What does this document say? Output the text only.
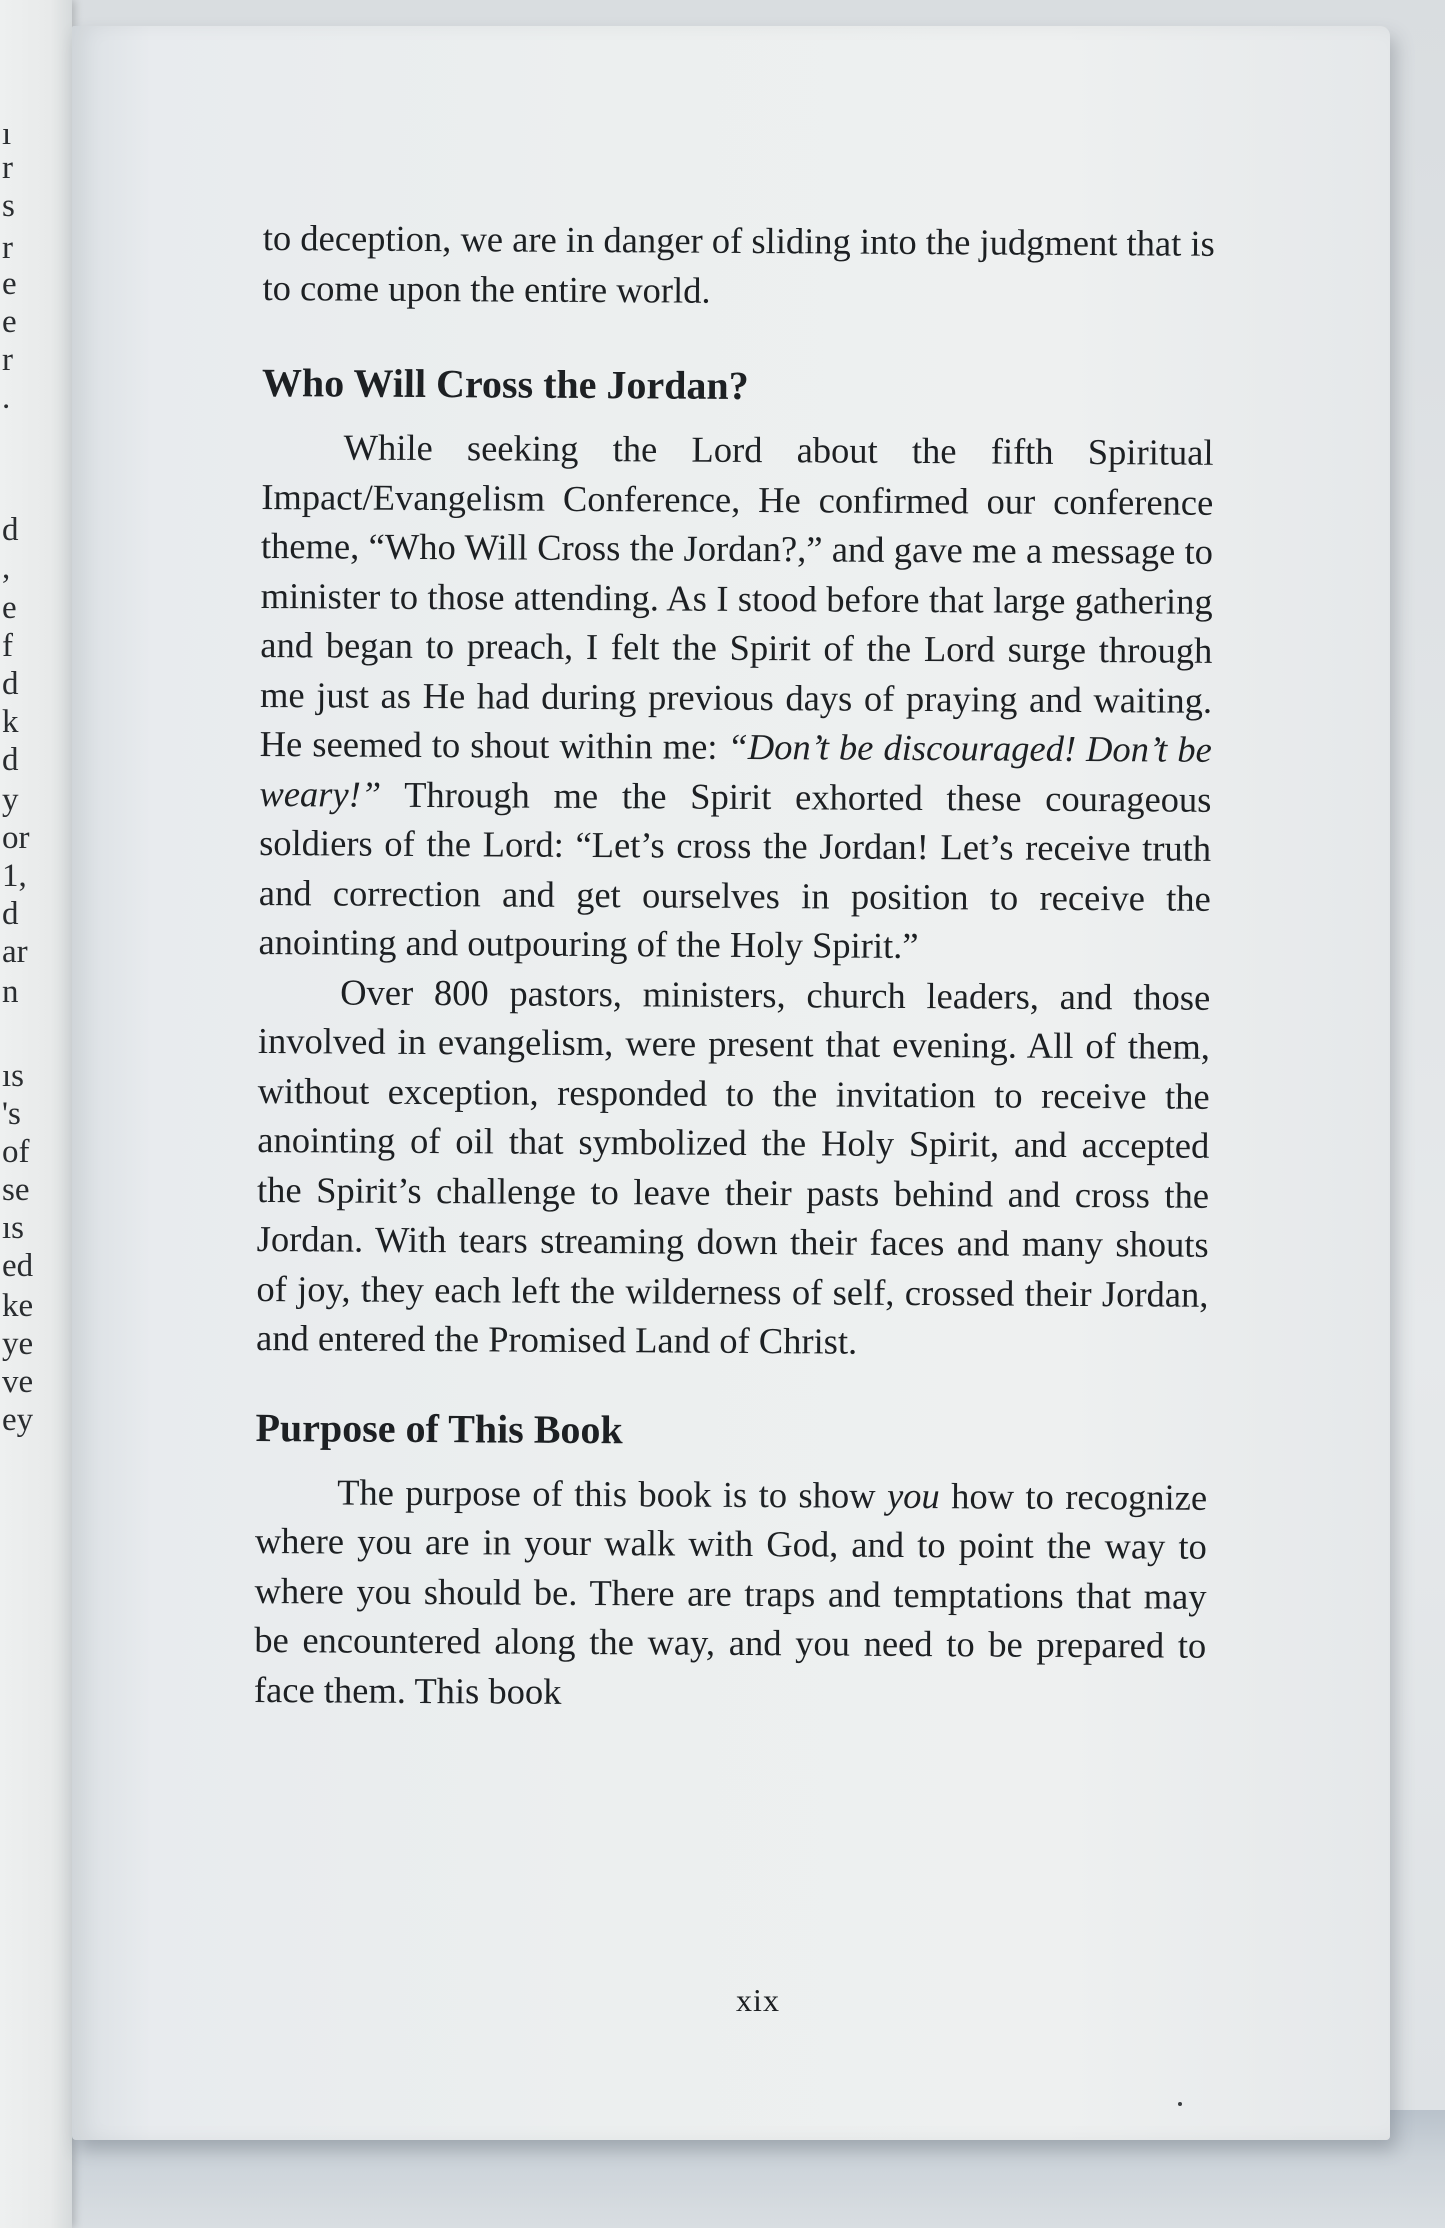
ı
r
s
r
e
e
r
.
d
,
e
f
d
k
d
y
or
1,
d
ar
n
ıs
's
of
se
ıs
ed
ke
ye
ve
ey

to deception, we are in danger of sliding into the judgment that is to come upon the entire world.

Who Will Cross the Jordan?

While seeking the Lord about the fifth Spiritual Impact/Evangelism Conference, He confirmed our conference theme, “Who Will Cross the Jordan?,” and gave me a message to minister to those attending. As I stood before that large gathering and began to preach, I felt the Spirit of the Lord surge through me just as He had during previous days of praying and waiting. He seemed to shout within me: “Don’t be discouraged! Don’t be weary!” Through me the Spirit exhorted these courageous soldiers of the Lord: “Let’s cross the Jordan! Let’s receive truth and correction and get ourselves in position to receive the anointing and outpouring of the Holy Spirit.”

Over 800 pastors, ministers, church leaders, and those involved in evangelism, were present that evening. All of them, without exception, responded to the invitation to receive the anointing of oil that symbolized the Holy Spirit, and accepted the Spirit’s challenge to leave their pasts behind and cross the Jordan. With tears streaming down their faces and many shouts of joy, they each left the wilderness of self, crossed their Jordan, and entered the Promised Land of Christ.

Purpose of This Book

The purpose of this book is to show you how to recognize where you are in your walk with God, and to point the way to where you should be. There are traps and temptations that may be encountered along the way, and you need to be prepared to face them. This book

xix
